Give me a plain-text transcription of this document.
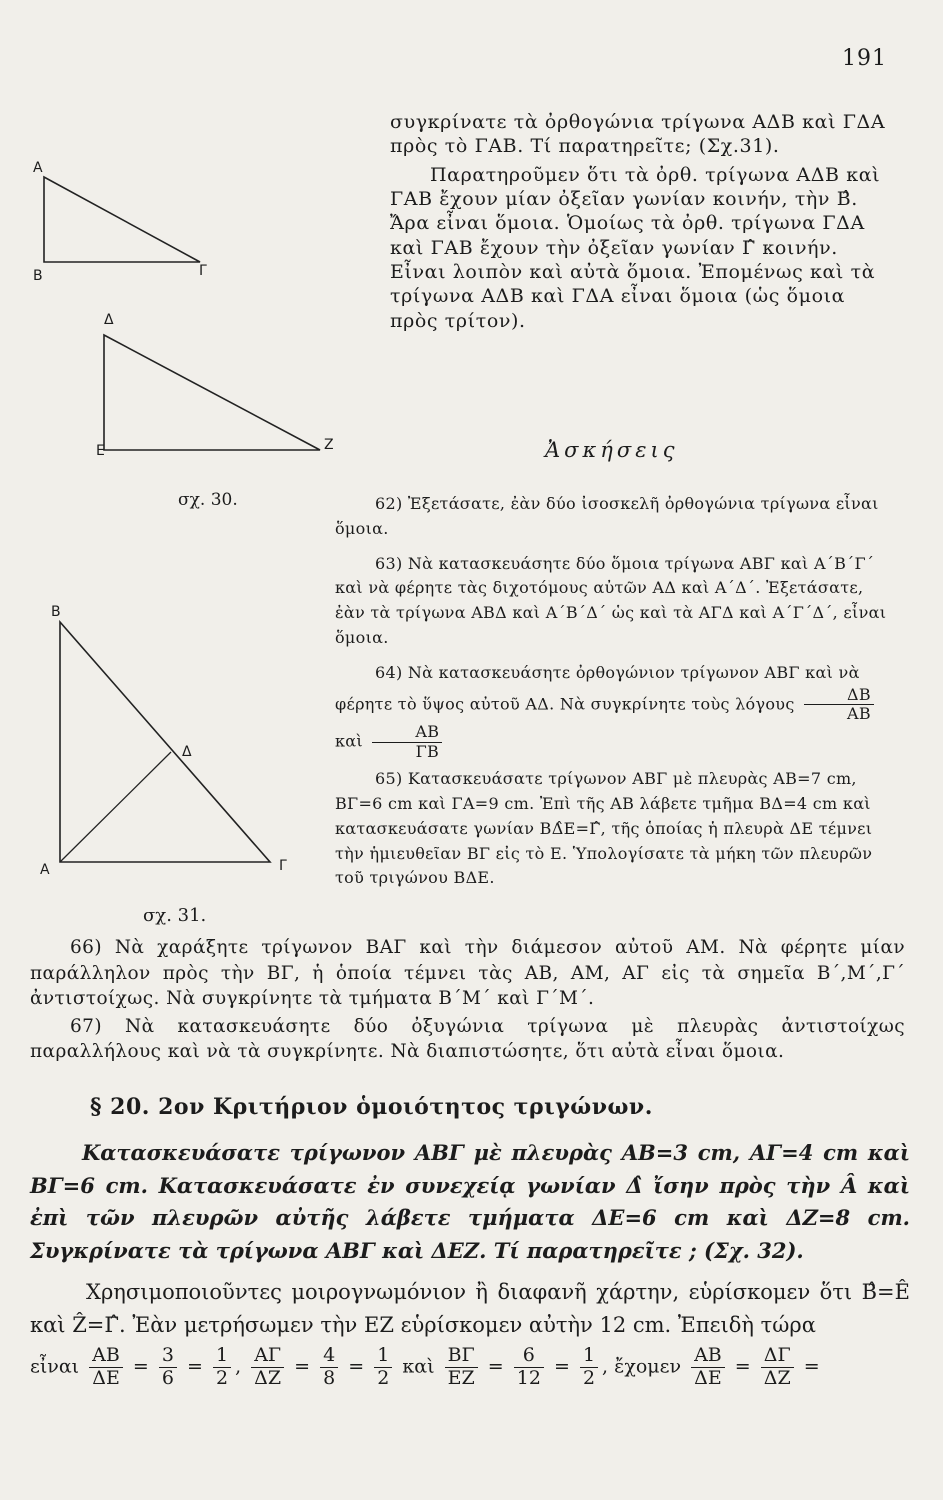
191
Α
Β	Γ
Δ
Ε	Ζ
σχ. 30.
Β
Δ
Α	Γ
σχ. 31.

συγκρίνατε τὰ ὀρθογώνια τρίγωνα ΑΔΒ καὶ ΓΔΑ πρὸς τὸ ΓΑΒ. Τί παρατηρεῖτε; (Σχ.31).

Παρατηροῦμεν ὅτι τὰ ὀρθ. τρίγωνα ΑΔΒ καὶ ΓΑΒ ἔχουν μίαν ὀξεῖαν γωνίαν κοινήν, τὴν Β̂. Ἄρα εἶναι ὅμοια. Ὁμοίως τὰ ὀρθ. τρίγωνα ΓΔΑ καὶ ΓΑΒ ἔχουν τὴν ὀξεῖαν γωνίαν Γ̂ κοινήν. Εἶναι λοιπὸν καὶ αὐτὰ ὅμοια. Ἐπομένως καὶ τὰ τρίγωνα ΑΔΒ καὶ ΓΔΑ εἶναι ὅμοια (ὡς ὅμοια πρὸς τρίτον).

Ἀσκήσεις

62) Ἐξετάσατε, ἐὰν δύο ἰσοσκελῆ ὀρθογώνια τρίγωνα εἶναι ὅμοια.

63) Νὰ κατασκευάσητε δύο ὅμοια τρίγωνα ΑΒΓ καὶ Α΄Β΄Γ΄ καὶ νὰ φέρητε τὰς διχοτόμους αὐτῶν ΑΔ καὶ Α΄Δ΄. Ἐξετάσατε, ἐὰν τὰ τρίγωνα ΑΒΔ καὶ Α΄Β΄Δ΄ ὡς καὶ τὰ ΑΓΔ καὶ Α΄Γ΄Δ΄, εἶναι ὅμοια.

64) Νὰ κατασκευάσητε ὀρθογώνιον τρίγωνον ΑΒΓ καὶ νὰ φέρητε τὸ ὕψος αὐτοῦ ΑΔ. Νὰ συγκρίνητε τοὺς λόγους $\frac{\Delta B}{AB}$
καὶ $\frac{AB}{\Gamma B}$

65) Κατασκευάσατε τρίγωνον ΑΒΓ μὲ πλευρὰς ΑΒ=7 cm, ΒΓ=6 cm καὶ ΓΑ=9 cm. Ἐπὶ τῆς ΑΒ λάβετε τμῆμα ΒΔ=4 cm καὶ κατασκευάσατε γωνίαν ΒΔ̂Ε=Γ̂, τῆς ὁποίας ἡ πλευρὰ ΔΕ τέμνει τὴν ἡμιευθεῖαν ΒΓ εἰς τὸ Ε. Ὑπολογίσατε τὰ μήκη τῶν πλευρῶν τοῦ τριγώνου ΒΔΕ.

66) Νὰ χαράξητε τρίγωνον ΒΑΓ καὶ τὴν διάμεσον αὐτοῦ ΑΜ. Νὰ φέρητε μίαν παράλληλον πρὸς τὴν ΒΓ, ἡ ὁποία τέμνει τὰς ΑΒ, ΑΜ, ΑΓ εἰς τὰ σημεῖα Β΄,Μ΄,Γ΄ ἀντιστοίχως. Νὰ συγκρίνητε τὰ τμήματα Β΄Μ΄ καὶ Γ΄Μ΄.

67) Νὰ κατασκευάσητε δύο ὀξυγώνια τρίγωνα μὲ πλευρὰς ἀντιστοίχως παραλλήλους καὶ νὰ τὰ συγκρίνητε. Νὰ διαπιστώσητε, ὅτι αὐτὰ εἶναι ὅμοια.

§ 20. 2ον Κριτήριον ὁμοιότητος τριγώνων.

Κατασκευάσατε τρίγωνον ΑΒΓ μὲ πλευρὰς ΑΒ=3 cm, ΑΓ=4 cm καὶ ΒΓ=6 cm. Κατασκευάσατε ἐν συνεχείᾳ γωνίαν Δ̂ ἴσην πρὸς τὴν Â καὶ ἐπὶ τῶν πλευρῶν αὐτῆς λάβετε τμήματα ΔΕ=6 cm καὶ ΔΖ=8 cm. Συγκρίνατε τὰ τρίγωνα ΑΒΓ καὶ ΔΕΖ. Τί παρατηρεῖτε ; (Σχ. 32).

Χρησιμοποιοῦντες μοιρογνωμόνιον ἢ διαφανῆ χάρτην, εὑρίσκομεν ὅτι Β̂=Ê καὶ Ẑ=Γ̂. Ἐὰν μετρήσωμεν τὴν ΕΖ εὑρίσκομεν αὐτὴν 12 cm. Ἐπειδὴ τώρα

εἶναι $\frac{AB}{\Delta E} = \frac{3}{6} = \frac{1}{2}$ , $\frac{A\Gamma}{\Delta Z} = \frac{4}{8} = \frac{1}{2}$ καὶ $\frac{B\Gamma}{EZ} = \frac{6}{12} = \frac{1}{2}$ , ἔχομεν $\frac{AB}{\Delta E} = \frac{\Delta\Gamma}{\Delta Z}$ =
